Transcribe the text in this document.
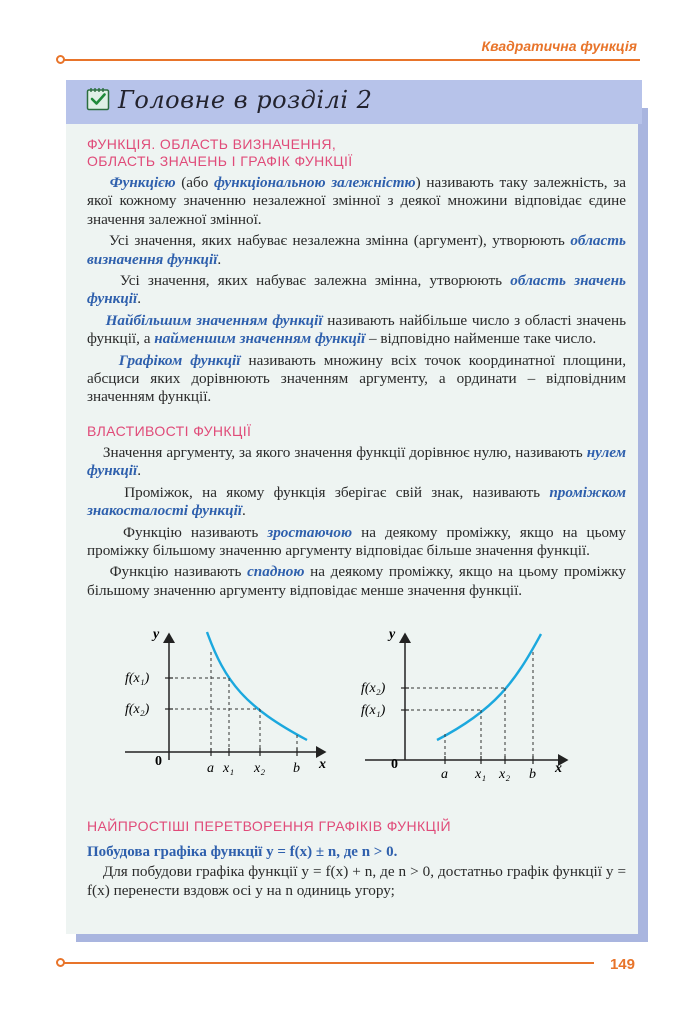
Квадратична функція
Головне в розділі 2

ФУНКЦІЯ. ОБЛАСТЬ ВИЗНАЧЕННЯ,
ОБЛАСТЬ ЗНАЧЕНЬ І ГРАФІК ФУНКЦІЇ

Функцією (або функціональною залежністю) називають таку залежність, за якої кожному значенню незалежної змінної з деякої множини відповідає єдине значення залежної змінної.

Усі значення, яких набуває незалежна змінна (аргумент), утворюють область визначення функції.

Усі значення, яких набуває залежна змінна, утворюють область значень функції.

Найбільшим значенням функції називають найбільше число з області значень функції, а найменшим значенням функції – відповідно найменше таке число.

Графіком функції називають множину всіх точок координатної площини, абсциси яких дорівнюють значенням аргументу, а ординати – відповідним значенням функції.

ВЛАСТИВОСТІ ФУНКЦІЇ

Значення аргументу, за якого значення функції дорівнює нулю, називають нулем функції.

Проміжок, на якому функція зберігає свій знак, називають проміжком знакосталості функції.

Функцію називають зростаючою на деякому проміжку, якщо на цьому проміжку більшому значенню аргументу відповідає більше значення функції.

Функцію називають спадною на деякому проміжку, якщо на цьому проміжку більшому значенню аргументу відповідає менше значення функції.

y
x
0
f(x₁)
f(x₂)
a x₁ x₂ b
y
x
0
f(x₂)
f(x₁)
a x₁ x₂ b

НАЙПРОСТІШІ ПЕРЕТВОРЕННЯ ГРАФІКІВ ФУНКЦІЙ

Побудова графіка функції y = f(x) ± n, де n > 0.

Для побудови графіка функції y = f(x) + n, де n > 0, достатньо графік функції y = f(x) перенести вздовж осі y на n одиниць угору;

149
